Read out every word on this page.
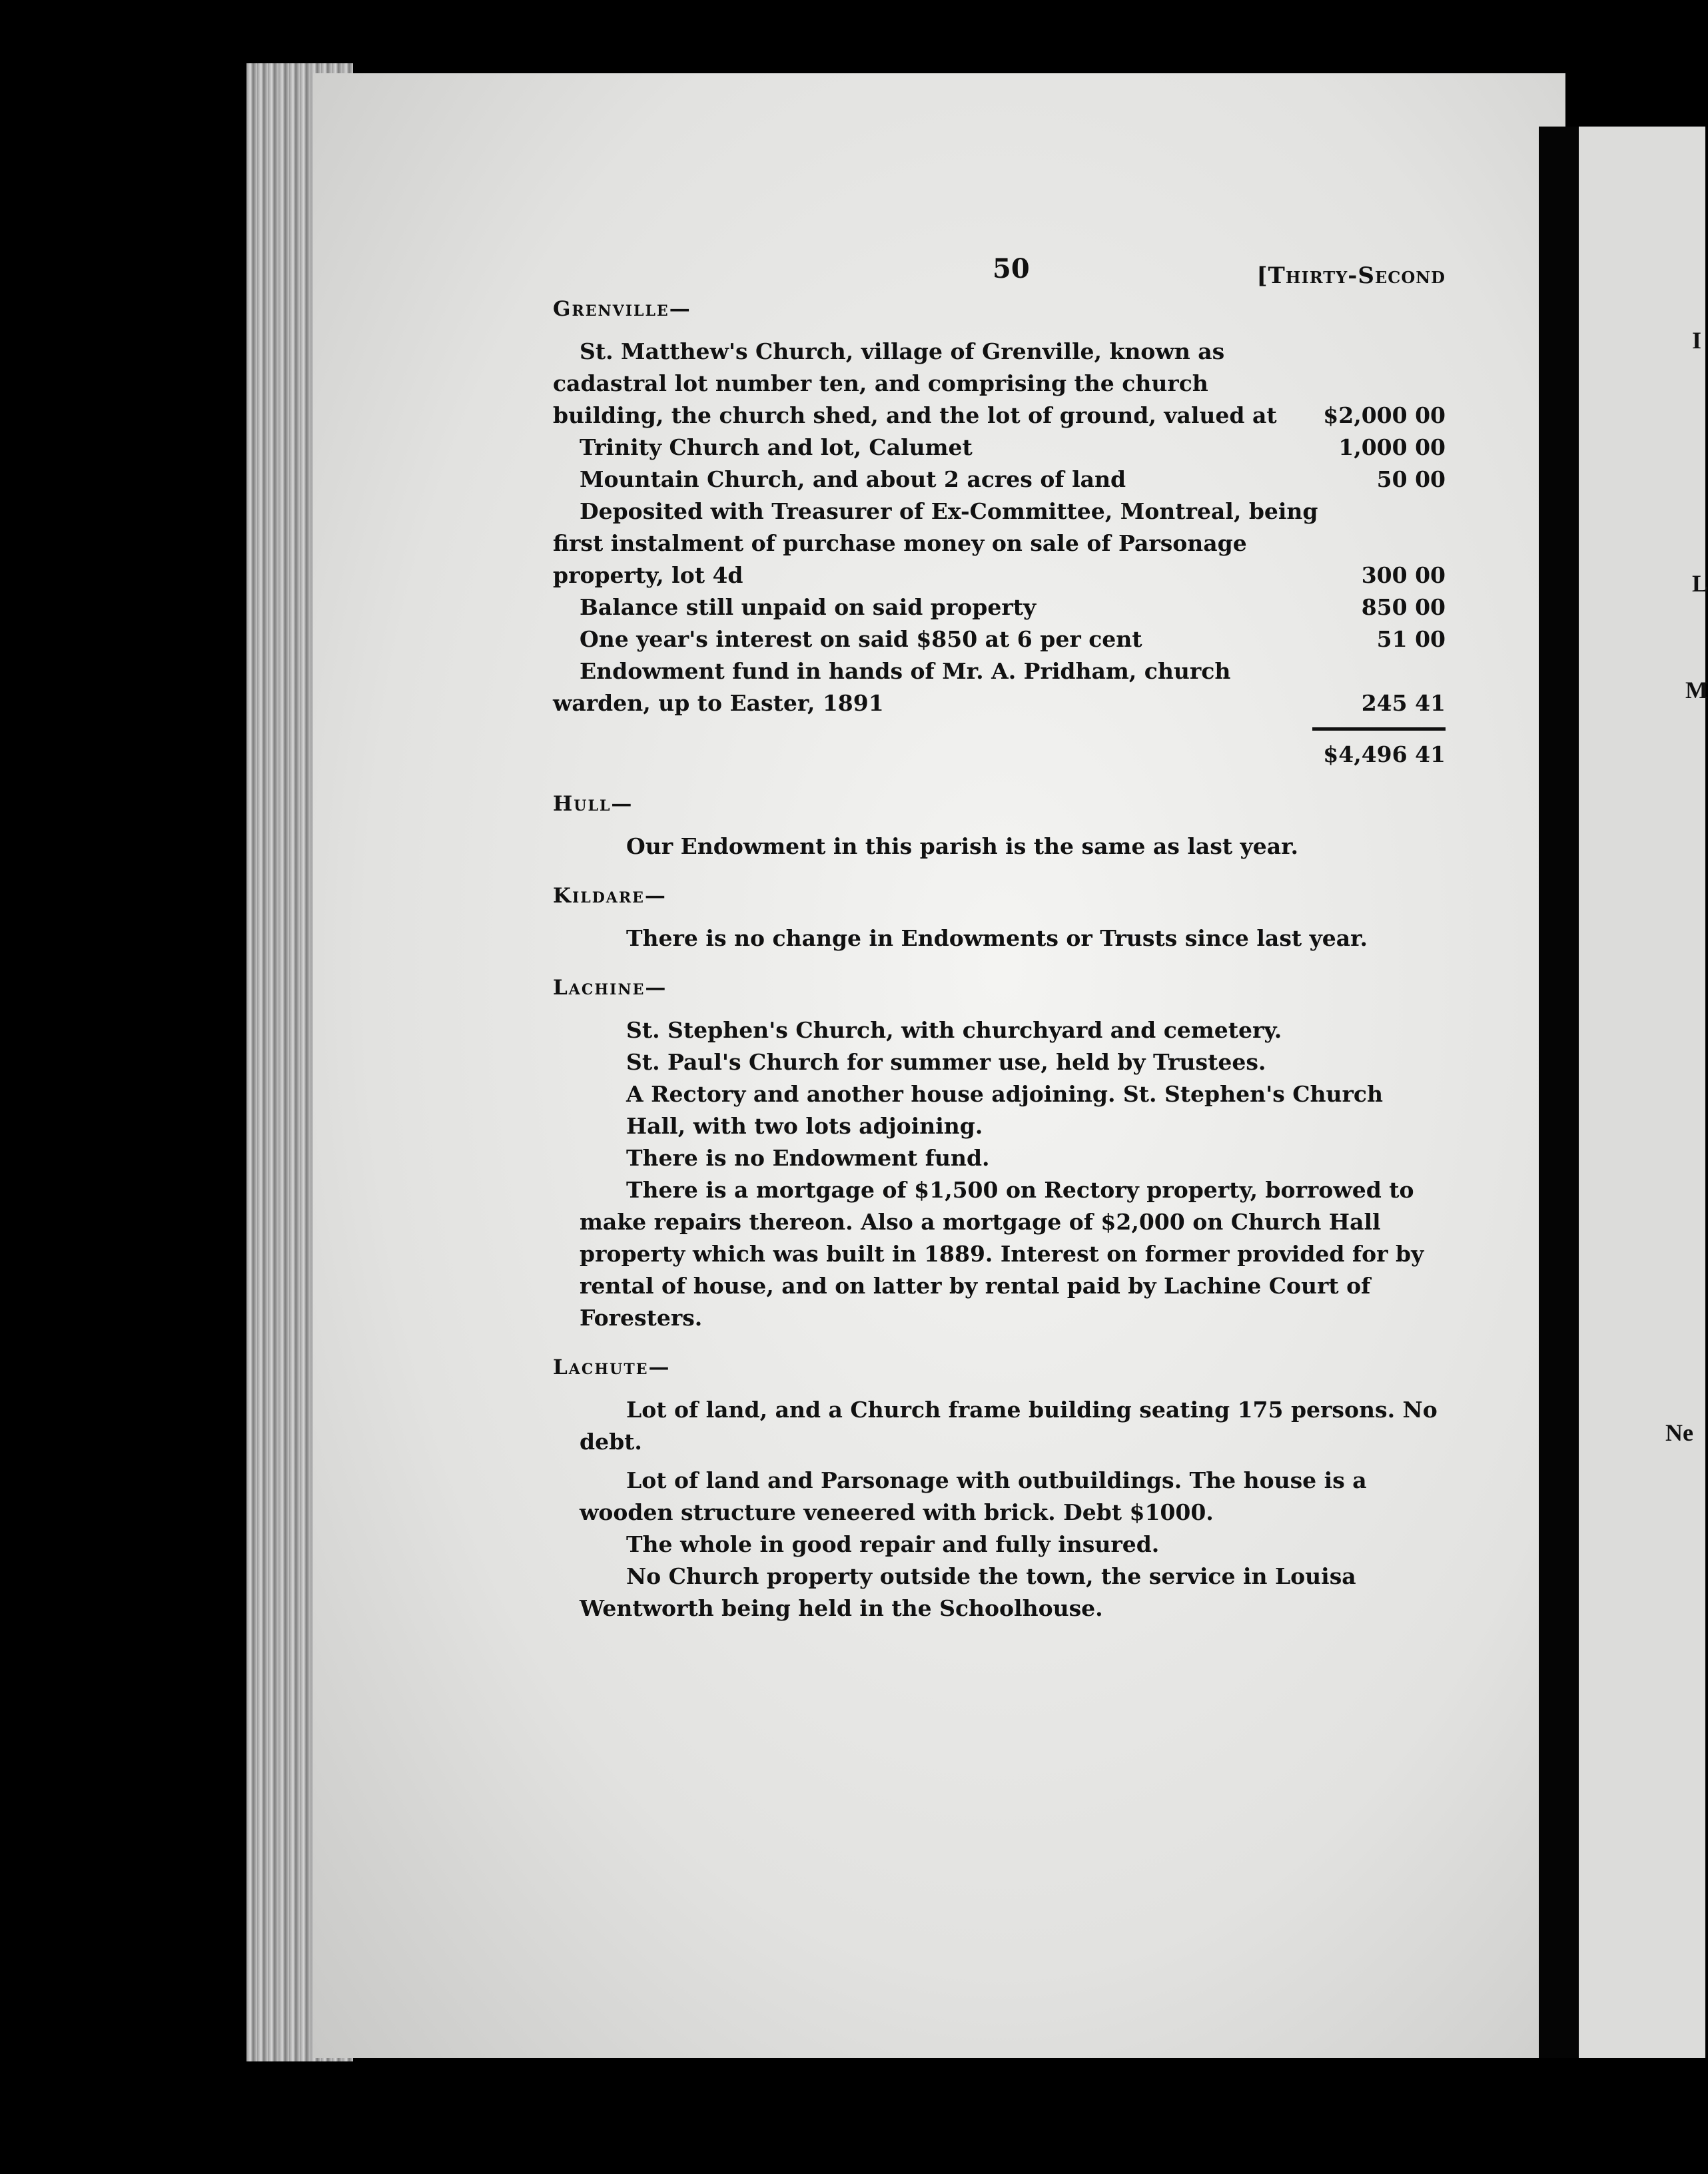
I
L
M
Ne
50	[Thirty-Second
Grenville—
St. Matthew's Church, village of Grenville, known as cadastral lot number ten, and comprising the church building, the church shed, and the lot of ground, valued at	$2,000 00
Trinity Church and lot, Calumet	1,000 00
Mountain Church, and about 2 acres of land	50 00
Deposited with Treasurer of Ex-Committee, Montreal, being first instalment of purchase money on sale of Parsonage property, lot 4d	300 00
Balance still unpaid on said property	850 00
One year's interest on said $850 at 6 per cent	51 00
Endowment fund in hands of Mr. A. Pridham, church warden, up to Easter, 1891	245 41
$4,496 41
Hull—

Our Endowment in this parish is the same as last year.

Kildare—

There is no change in Endowments or Trusts since last year.

Lachine—

St. Stephen's Church, with churchyard and cemetery.

St. Paul's Church for summer use, held by Trustees.

A Rectory and another house adjoining. St. Stephen's Church Hall, with two lots adjoining.

There is no Endowment fund.

There is a mortgage of $1,500 on Rectory property, borrowed to make repairs thereon. Also a mortgage of $2,000 on Church Hall property which was built in 1889. Interest on former provided for by rental of house, and on latter by rental paid by Lachine Court of Foresters.

Lachute—

Lot of land, and a Church frame building seating 175 persons. No debt.

Lot of land and Parsonage with outbuildings. The house is a wooden structure veneered with brick. Debt $1000.

The whole in good repair and fully insured.

No Church property outside the town, the service in Louisa Wentworth being held in the Schoolhouse.
